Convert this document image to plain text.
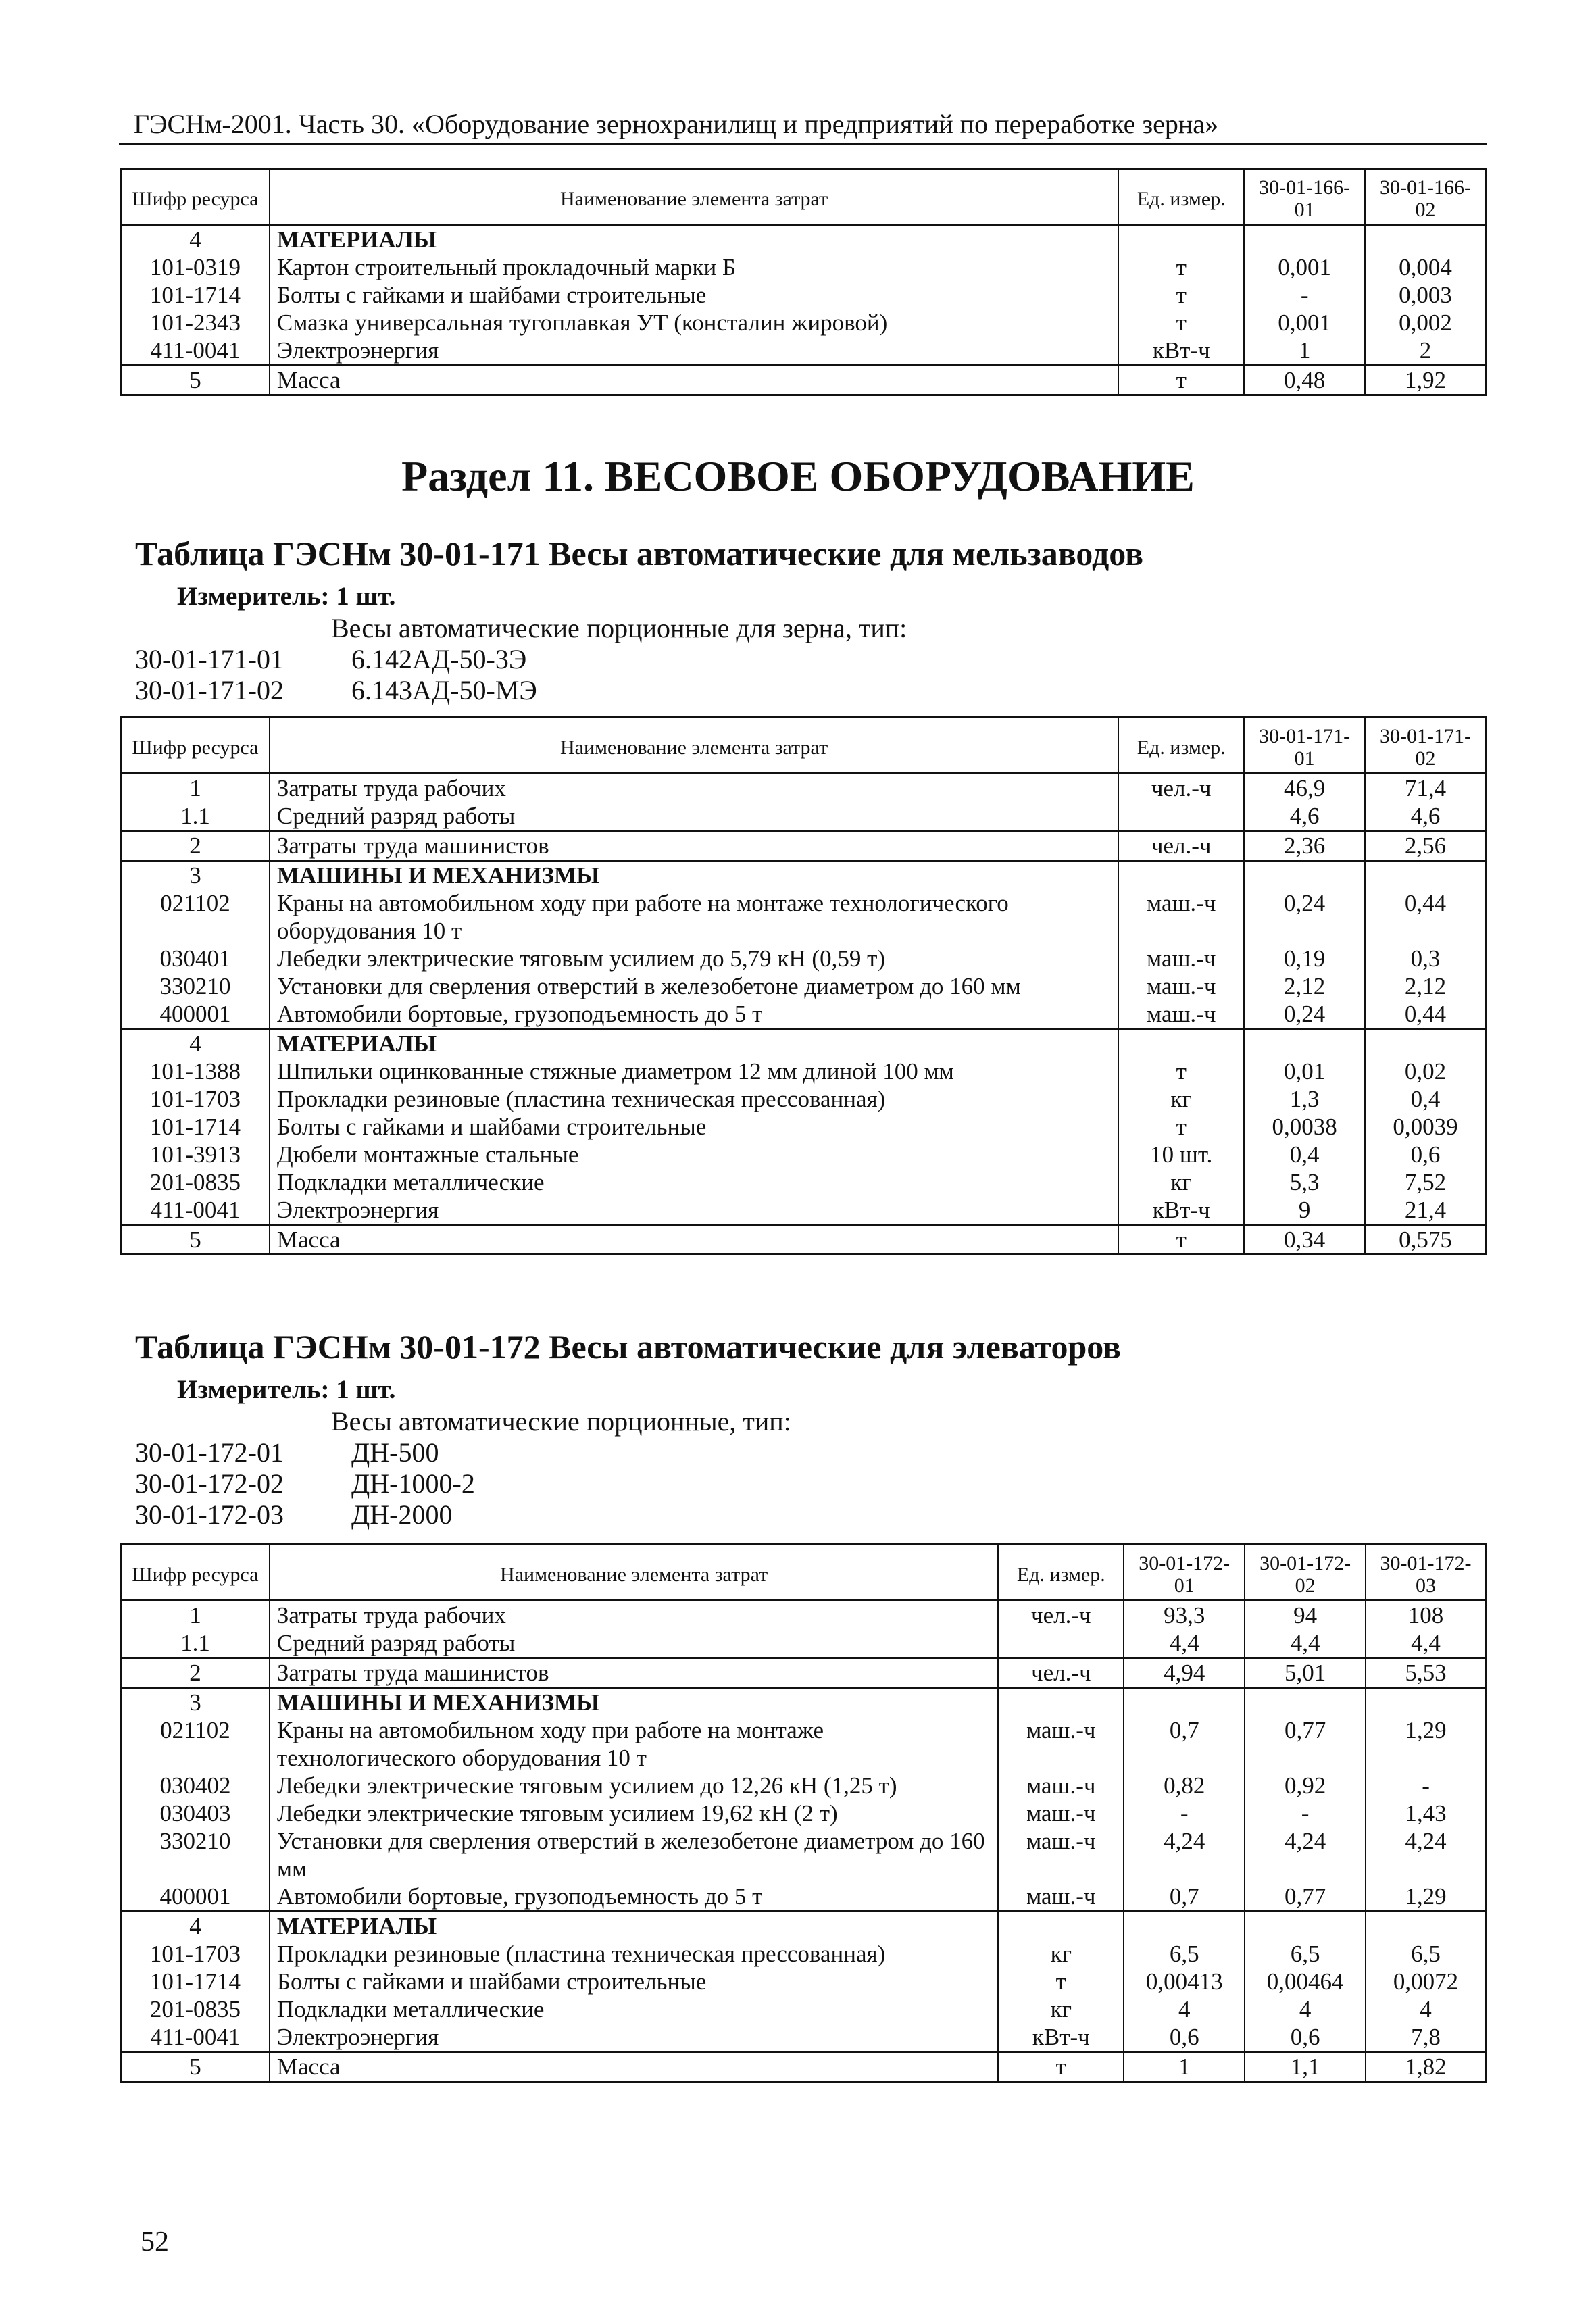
ГЭСНм-2001. Часть 30. «Оборудование зернохранилищ и предприятий по переработке зерна»
Шифр ресурса	Наименование элемента затрат	Ед. измер.	30-01-166-01	30-01-166-02
4	МАТЕРИАЛЫ			
101-0319	Картон строительный прокладочный марки Б	т	0,001	0,004
101-1714	Болты с гайками и шайбами строительные	т	-	0,003
101-2343	Смазка универсальная тугоплавкая УТ (консталин жировой)	т	0,001	0,002
411-0041	Электроэнергия	кВт-ч	1	2
5	Масса	т	0,48	1,92
Раздел 11. ВЕСОВОЕ ОБОРУДОВАНИЕ
Таблица ГЭСНм 30-01-171 Весы автоматические для мельзаводов
Измеритель: 1 шт.
Весы автоматические порционные для зерна, тип:
30-01-171-01	6.142АД-50-3Э
30-01-171-02	6.143АД-50-МЭ
Шифр ресурса	Наименование элемента затрат	Ед. измер.	30-01-171-01	30-01-171-02
1	Затраты труда рабочих	чел.-ч	46,9	71,4
1.1	Средний разряд работы		4,6	4,6
2	Затраты труда машинистов	чел.-ч	2,36	2,56
3	МАШИНЫ И МЕХАНИЗМЫ			
021102	Краны на автомобильном ходу при работе на монтаже технологического оборудования 10 т	маш.-ч	0,24	0,44
030401	Лебедки электрические тяговым усилием до 5,79 кН (0,59 т)	маш.-ч	0,19	0,3
330210	Установки для сверления отверстий в железобетоне диаметром до 160 мм	маш.-ч	2,12	2,12
400001	Автомобили бортовые, грузоподъемность до 5 т	маш.-ч	0,24	0,44
4	МАТЕРИАЛЫ			
101-1388	Шпильки оцинкованные стяжные диаметром 12 мм длиной 100 мм	т	0,01	0,02
101-1703	Прокладки резиновые (пластина техническая прессованная)	кг	1,3	0,4
101-1714	Болты с гайками и шайбами строительные	т	0,0038	0,0039
101-3913	Дюбели монтажные стальные	10 шт.	0,4	0,6
201-0835	Подкладки металлические	кг	5,3	7,52
411-0041	Электроэнергия	кВт-ч	9	21,4
5	Масса	т	0,34	0,575
Таблица ГЭСНм 30-01-172 Весы автоматические для элеваторов
Измеритель: 1 шт.
Весы автоматические порционные, тип:
30-01-172-01	ДН-500
30-01-172-02	ДН-1000-2
30-01-172-03	ДН-2000
Шифр ресурса	Наименование элемента затрат	Ед. измер.	30-01-172-01	30-01-172-02	30-01-172-03
1	Затраты труда рабочих	чел.-ч	93,3	94	108
1.1	Средний разряд работы		4,4	4,4	4,4
2	Затраты труда машинистов	чел.-ч	4,94	5,01	5,53
3	МАШИНЫ И МЕХАНИЗМЫ				
021102	Краны на автомобильном ходу при работе на монтаже технологического оборудования 10 т	маш.-ч	0,7	0,77	1,29
030402	Лебедки электрические тяговым усилием до 12,26 кН (1,25 т)	маш.-ч	0,82	0,92	-
030403	Лебедки электрические тяговым усилием 19,62 кН (2 т)	маш.-ч	-	-	1,43
330210	Установки для сверления отверстий в железобетоне диаметром до 160 мм	маш.-ч	4,24	4,24	4,24
400001	Автомобили бортовые, грузоподъемность до 5 т	маш.-ч	0,7	0,77	1,29
4	МАТЕРИАЛЫ				
101-1703	Прокладки резиновые (пластина техническая прессованная)	кг	6,5	6,5	6,5
101-1714	Болты с гайками и шайбами строительные	т	0,00413	0,00464	0,0072
201-0835	Подкладки металлические	кг	4	4	4
411-0041	Электроэнергия	кВт-ч	0,6	0,6	7,8
5	Масса	т	1	1,1	1,82
52
